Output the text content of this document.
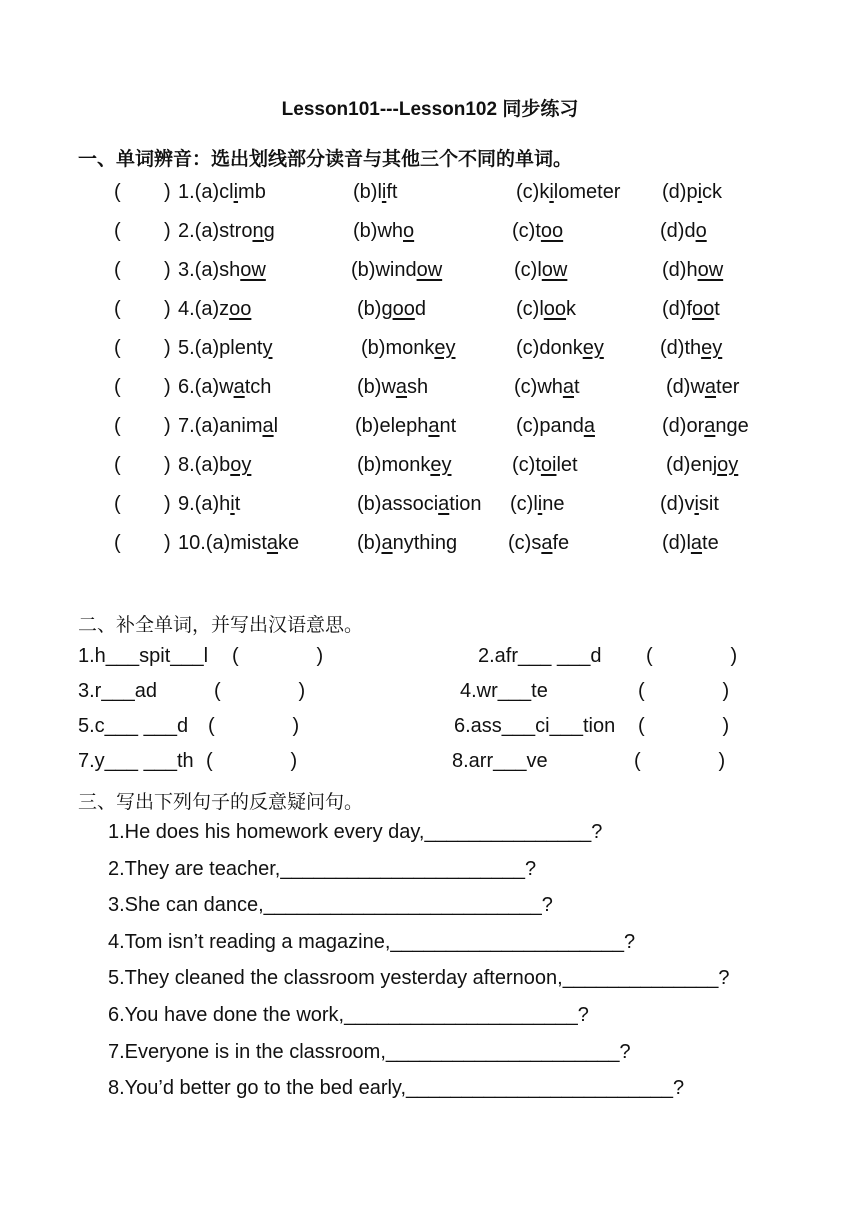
Lesson101---Lesson102 同步练习
一、单词辨音：选出划线部分读音与其他三个不同的单词。
( ) 1.(a)climb	(b)lift	(c)kilometer (d)pick
( ) 2.(a)strong	(b)who	(c)too	(d)do
( ) 3.(a)show	(b)window	(c)low	(d)how
( ) 4.(a)zoo	(b)good	(c)look	(d)foot
( ) 5.(a)plenty	(b)monkey	(c)donkey	(d)they
( ) 6.(a)watch	(b)wash	(c)what	(d)water
( ) 7.(a)animal	(b)elephant	(c)panda	(d)orange
( ) 8.(a)boy	(b)monkey	(c)toilet	(d)enjoy
( ) 9.(a)hit	(b)association (c)line	(d)visit
( ) 10.(a)mistake	(b)anything	(c)safe	(d)late
二、补全单词，并写出汉语意思。
1.h___spit___l (              )	2.afr___ ___d (              )
3.r___ad	(              )	4.wr___te	(              )
5.c___ ___d (              )	6.ass___ci___tion (              )
7.y___ ___th (              )	8.arr___ve	(              )
三、写出下列句子的反意疑问句。
1.He does his homework every day,_______________?
2.They are teacher,______________________?
3.She can dance,_________________________?
4.Tom isn’t reading a magazine,_____________________?
5.They cleaned the classroom yesterday afternoon,______________?
6.You have done the work,_____________________?
7.Everyone is in the classroom,_____________________?
8.You’d better go to the bed early,________________________?
